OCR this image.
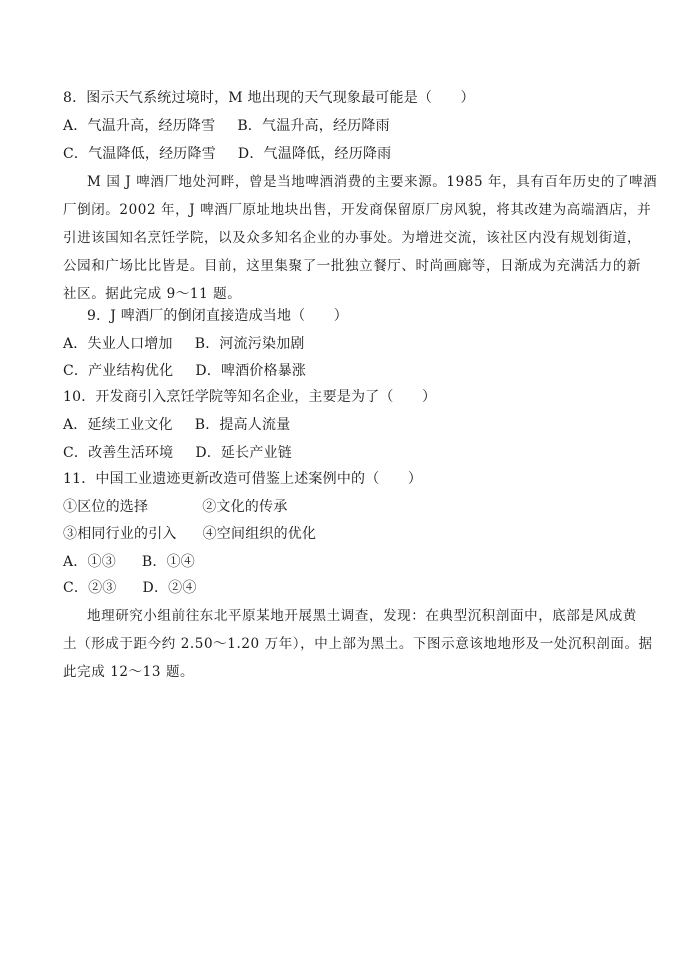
8．图示天气系统过境时，M 地出现的天气现象最可能是（　　）
A．气温升高，经历降雪 B．气温升高，经历降雨
C．气温降低，经历降雪 D．气温降低，经历降雨
M 国 J 啤酒厂地处河畔，曾是当地啤酒消费的主要来源。1985 年，具有百年历史的了啤酒
厂倒闭。2002 年，J 啤酒厂原址地块出售，开发商保留原厂房风貌，将其改建为高端酒店，并
引进该国知名烹饪学院，以及众多知名企业的办事处。为增进交流，该社区内没有规划街道，
公园和广场比比皆是。目前，这里集聚了一批独立餐厅、时尚画廊等，日渐成为充满活力的新
社区。据此完成 9～11 题。
9．J 啤酒厂的倒闭直接造成当地（　　）
A．失业人口增加 B．河流污染加剧
C．产业结构优化 D．啤酒价格暴涨
10．开发商引入烹饪学院等知名企业，主要是为了（　　）
A．延续工业文化 B．提高人流量
C．改善生活环境 D．延长产业链
11．中国工业遗迹更新改造可借鉴上述案例中的（　　）
①区位的选择	②文化的传承
③相同行业的引入 ④空间组织的优化
A．①③ B．①④
C．②③ D．②④
地理研究小组前往东北平原某地开展黑土调查，发现：在典型沉积剖面中，底部是风成黄
土（形成于距今约 2.50～1.20 万年），中上部为黑土。下图示意该地地形及一处沉积剖面。据
此完成 12～13 题。
